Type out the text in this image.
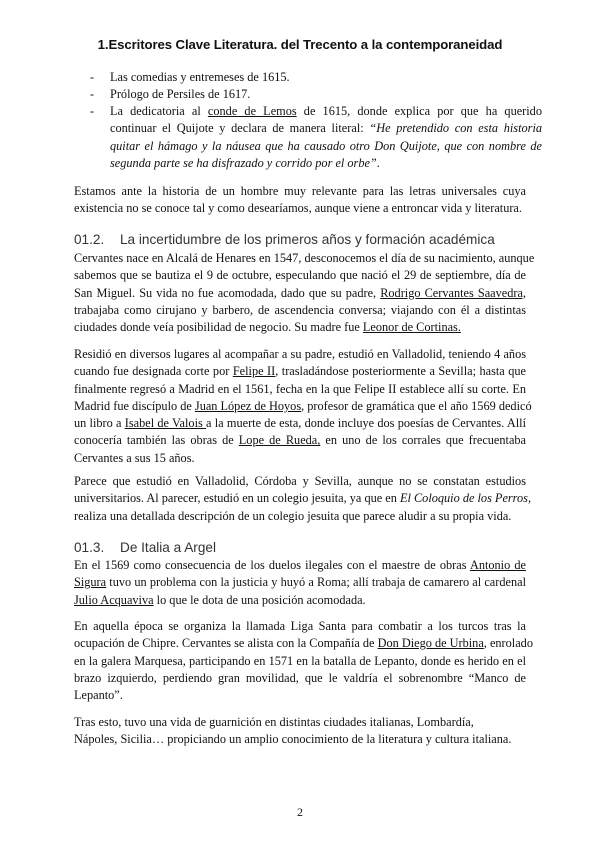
1.Escritores Clave Literatura. del Trecento a la contemporaneidad
- Las comedias y entremeses de 1615.
- Prólogo de Persiles de 1617.
- La dedicatoria al conde de Lemos de 1615, donde explica por que ha querido
continuar el Quijote y declara de manera literal: “He pretendido con esta historia
quitar el hámago y la náusea que ha causado otro Don Quijote, que con nombre de
segunda parte se ha disfrazado y corrido por el orbe”.
Estamos ante la historia de un hombre muy relevante para las letras universales cuya
existencia no se conoce tal y como desearíamos, aunque viene a entroncar vida y literatura.
01.2. La incertidumbre de los primeros años y formación académica
Cervantes nace en Alcalá de Henares en 1547, desconocemos el día de su nacimiento, aunque
sabemos que se bautiza el 9 de octubre, especulando que nació el 29 de septiembre, día de
San Miguel. Su vida no fue acomodada, dado que su padre, Rodrigo Cervantes Saavedra,
trabajaba como cirujano y barbero, de ascendencia conversa; viajando con él a distintas
ciudades donde veía posibilidad de negocio. Su madre fue Leonor de Cortinas.
Residió en diversos lugares al acompañar a su padre, estudió en Valladolid, teniendo 4 años
cuando fue designada corte por Felipe II, trasladándose posteriormente a Sevilla; hasta que
finalmente regresó a Madrid en el 1561, fecha en la que Felipe II establece allí su corte. En
Madrid fue discípulo de Juan López de Hoyos, profesor de gramática que el año 1569 dedicó
un libro a Isabel de Valois a la muerte de esta, donde incluye dos poesías de Cervantes. Allí
conocería también las obras de Lope de Rueda, en uno de los corrales que frecuentaba
Cervantes a sus 15 años.
Parece que estudió en Valladolid, Córdoba y Sevilla, aunque no se constatan estudios
universitarios. Al parecer, estudió en un colegio jesuita, ya que en El Coloquio de los Perros,
realiza una detallada descripción de un colegio jesuita que parece aludir a su propia vida.
01.3. De Italia a Argel
En el 1569 como consecuencia de los duelos ilegales con el maestre de obras Antonio de
Sigura tuvo un problema con la justicia y huyó a Roma; allí trabaja de camarero al cardenal
Julio Acquaviva lo que le dota de una posición acomodada.
En aquella época se organiza la llamada Liga Santa para combatir a los turcos tras la
ocupación de Chipre. Cervantes se alista con la Compañía de Don Diego de Urbina, enrolado
en la galera Marquesa, participando en 1571 en la batalla de Lepanto, donde es herido en el
brazo izquierdo, perdiendo gran movilidad, que le valdría el sobrenombre “Manco de
Lepanto”.
Tras esto, tuvo una vida de guarnición en distintas ciudades italianas, Lombardía,
Nápoles, Sicilia… propiciando un amplio conocimiento de la literatura y cultura italiana.
2
